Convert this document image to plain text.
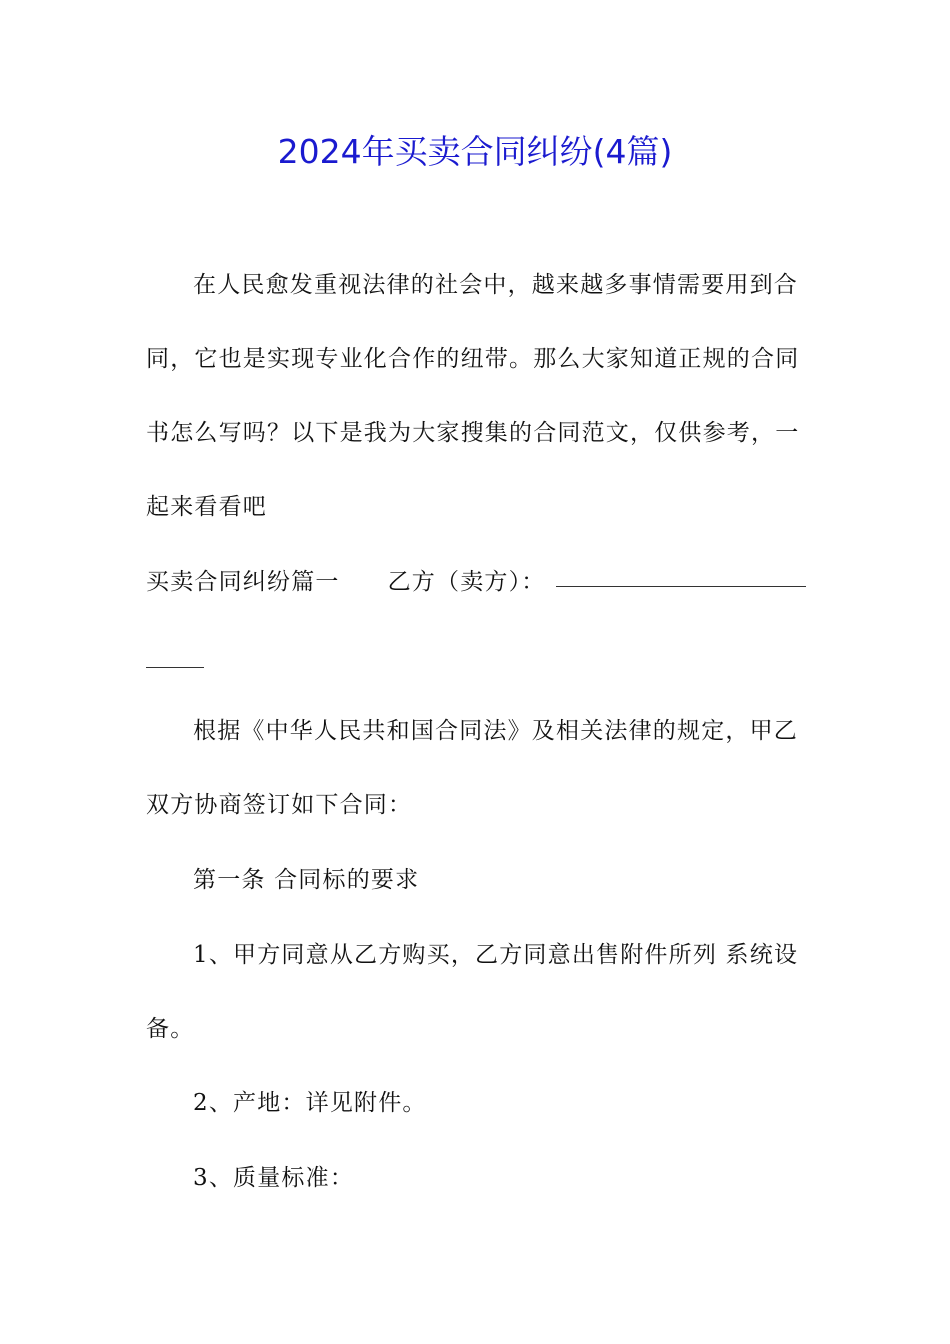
2024年买卖合同纠纷(4篇)
在人民愈发重视法律的社会中，越来越多事情需要用到合
同，它也是实现专业化合作的纽带。那么大家知道正规的合同
书怎么写吗？以下是我为大家搜集的合同范文，仅供参考，一
起来看看吧
买卖合同纠纷篇一 乙方（卖方）：
根据《中华人民共和国合同法》及相关法律的规定，甲乙
双方协商签订如下合同：
第一条 合同标的要求
1、甲方同意从乙方购买，乙方同意出售附件所列 系统设
备。
2、产地：详见附件。
3、质量标准：
